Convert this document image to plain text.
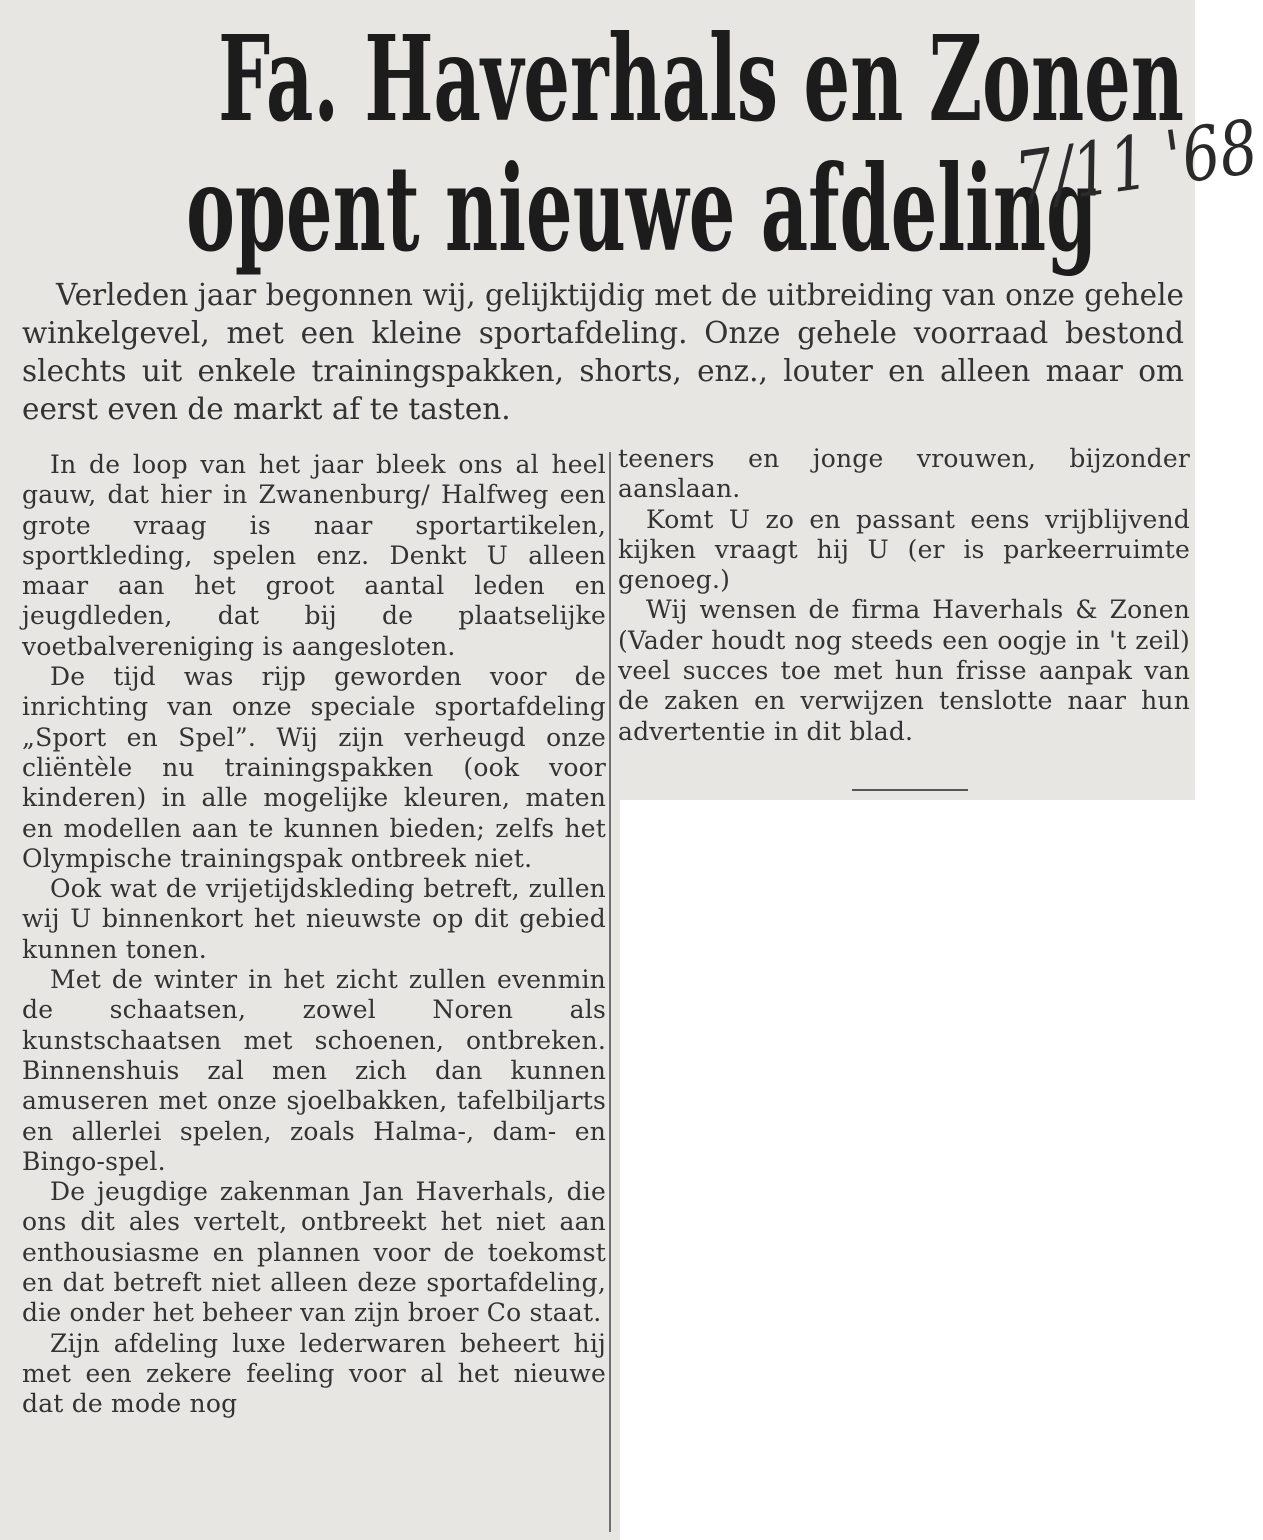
Fa. Haverhals en Zonen
opent nieuwe afdeling
7/11 '68

Verleden jaar begonnen wij, gelijktijdig met de uitbreiding van onze gehele winkelgevel, met een kleine sportafdeling. Onze gehele voorraad bestond slechts uit enkele trainingspakken, shorts, enz., louter en alleen maar om eerst even de markt af te tasten.

In de loop van het jaar bleek ons al heel gauw, dat hier in Zwanenburg/ Halfweg een grote vraag is naar sportartikelen, sportkleding, spelen enz. Denkt U alleen maar aan het groot aantal leden en jeugdleden, dat bij de plaatselijke voetbalvereniging is aangesloten.

De tijd was rijp geworden voor de inrichting van onze speciale sportafdeling „Sport en Spel”. Wij zijn verheugd onze cliëntèle nu trainingspakken (ook voor kinderen) in alle mogelijke kleuren, maten en modellen aan te kunnen bieden; zelfs het Olympische trainingspak ontbreek niet.

Ook wat de vrijetijdskleding betreft, zullen wij U binnenkort het nieuwste op dit gebied kunnen tonen.

Met de winter in het zicht zullen evenmin de schaatsen, zowel Noren als kunstschaatsen met schoenen, ontbreken. Binnenshuis zal men zich dan kunnen amuseren met onze sjoelbakken, tafelbiljarts en allerlei spelen, zoals Halma-, dam- en Bingo-spel.

De jeugdige zakenman Jan Haverhals, die ons dit ales vertelt, ontbreekt het niet aan enthousiasme en plannen voor de toekomst en dat betreft niet alleen deze sportafdeling, die onder het beheer van zijn broer Co staat.

Zijn afdeling luxe lederwaren beheert hij met een zekere feeling voor al het nieuwe dat de mode nog

teeners en jonge vrouwen, bijzonder aanslaan.

Komt U zo en passant eens vrijblijvend kijken vraagt hij U (er is parkeerruimte genoeg.)

Wij wensen de firma Haverhals & Zonen (Vader houdt nog steeds een oogje in 't zeil) veel succes toe met hun frisse aanpak van de zaken en verwijzen tenslotte naar hun advertentie in dit blad.
